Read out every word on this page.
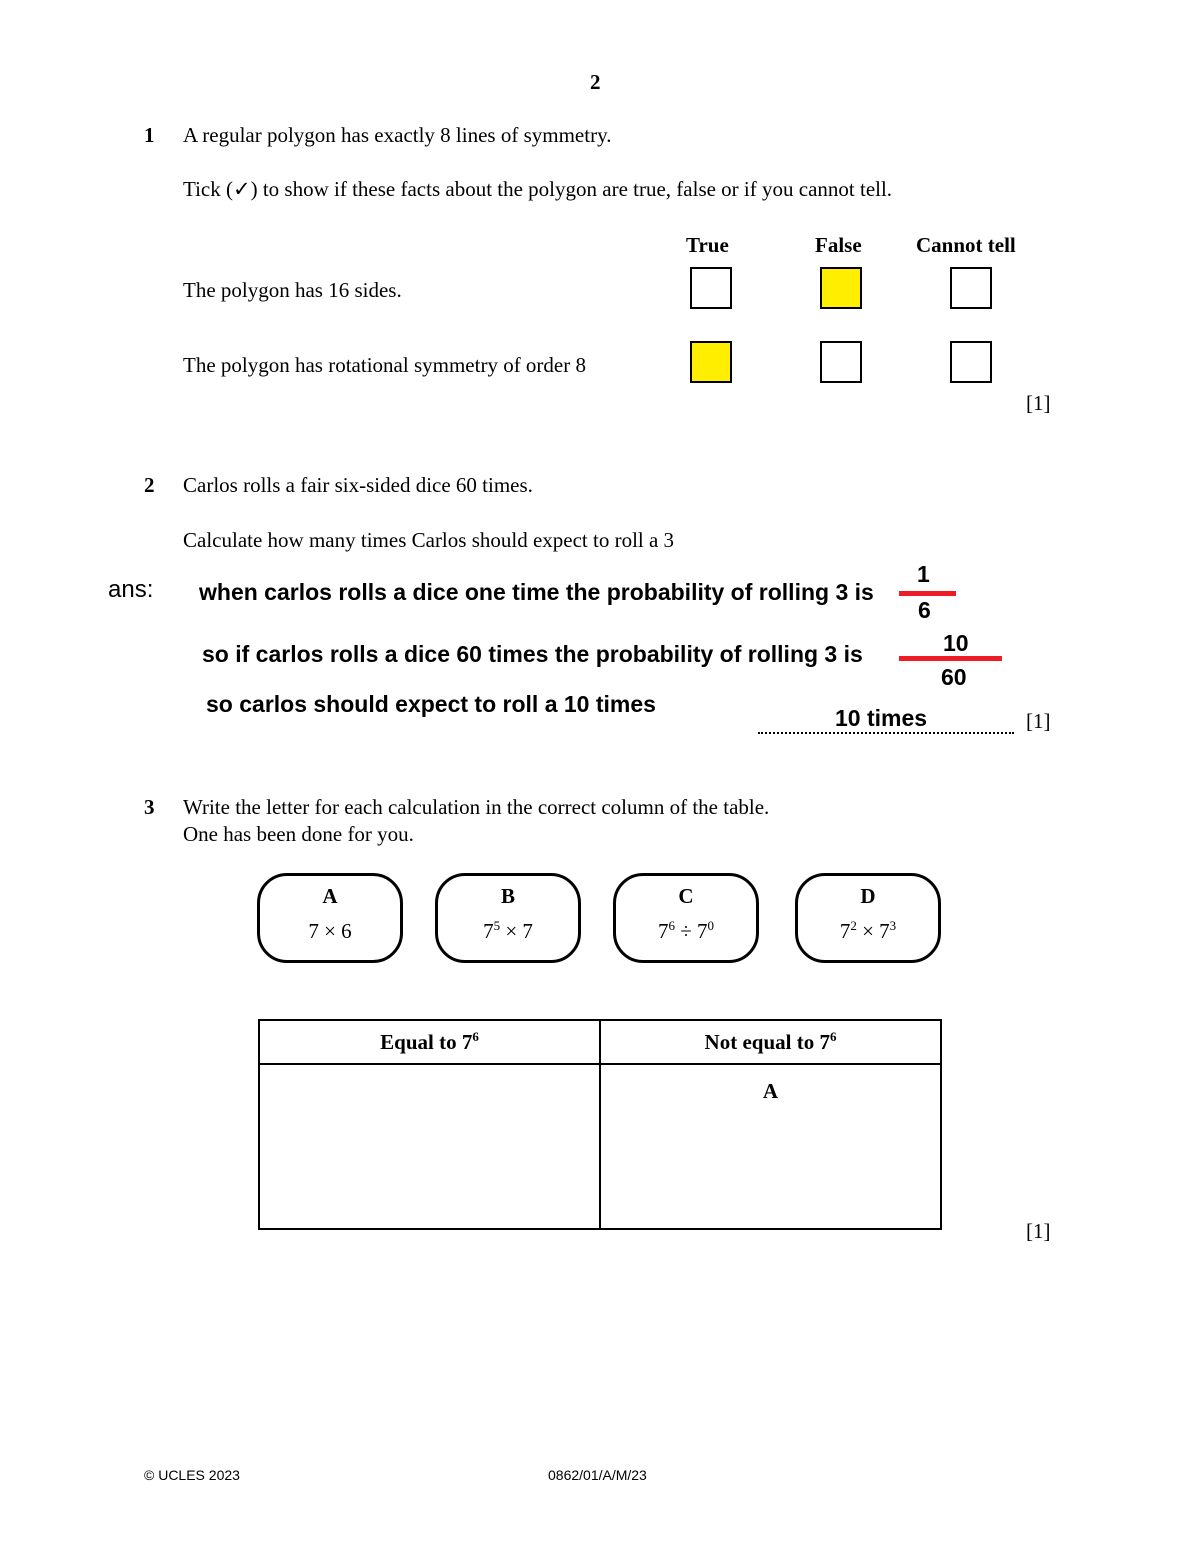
2
1 A regular polygon has exactly 8 lines of symmetry.
Tick (✓) to show if these facts about the polygon are true, false or if you cannot tell.
True	False	Cannot tell
The polygon has 16 sides.
The polygon has rotational symmetry of order 8
[1]
2 Carlos rolls a fair six-sided dice 60 times.
Calculate how many times Carlos should expect to roll a 3
ans: when carlos rolls a dice one time the probability of rolling 3 is
1
6
so if carlos rolls a dice 60 times the probability of rolling 3 is	10
60
so carlos should expect to roll a 10 times
10 times	[1]
3 Write the letter for each calculation in the correct column of the table.
One has been done for you.
A
7 × 6
B
$7^5 \times 7$
C
$7^6 \div 7^0$
D
$7^2 \times 7^3$
Equal to $7^6$	Not equal to $7^6$
	A
[1]
© UCLES 2023	0862/01/A/M/23
